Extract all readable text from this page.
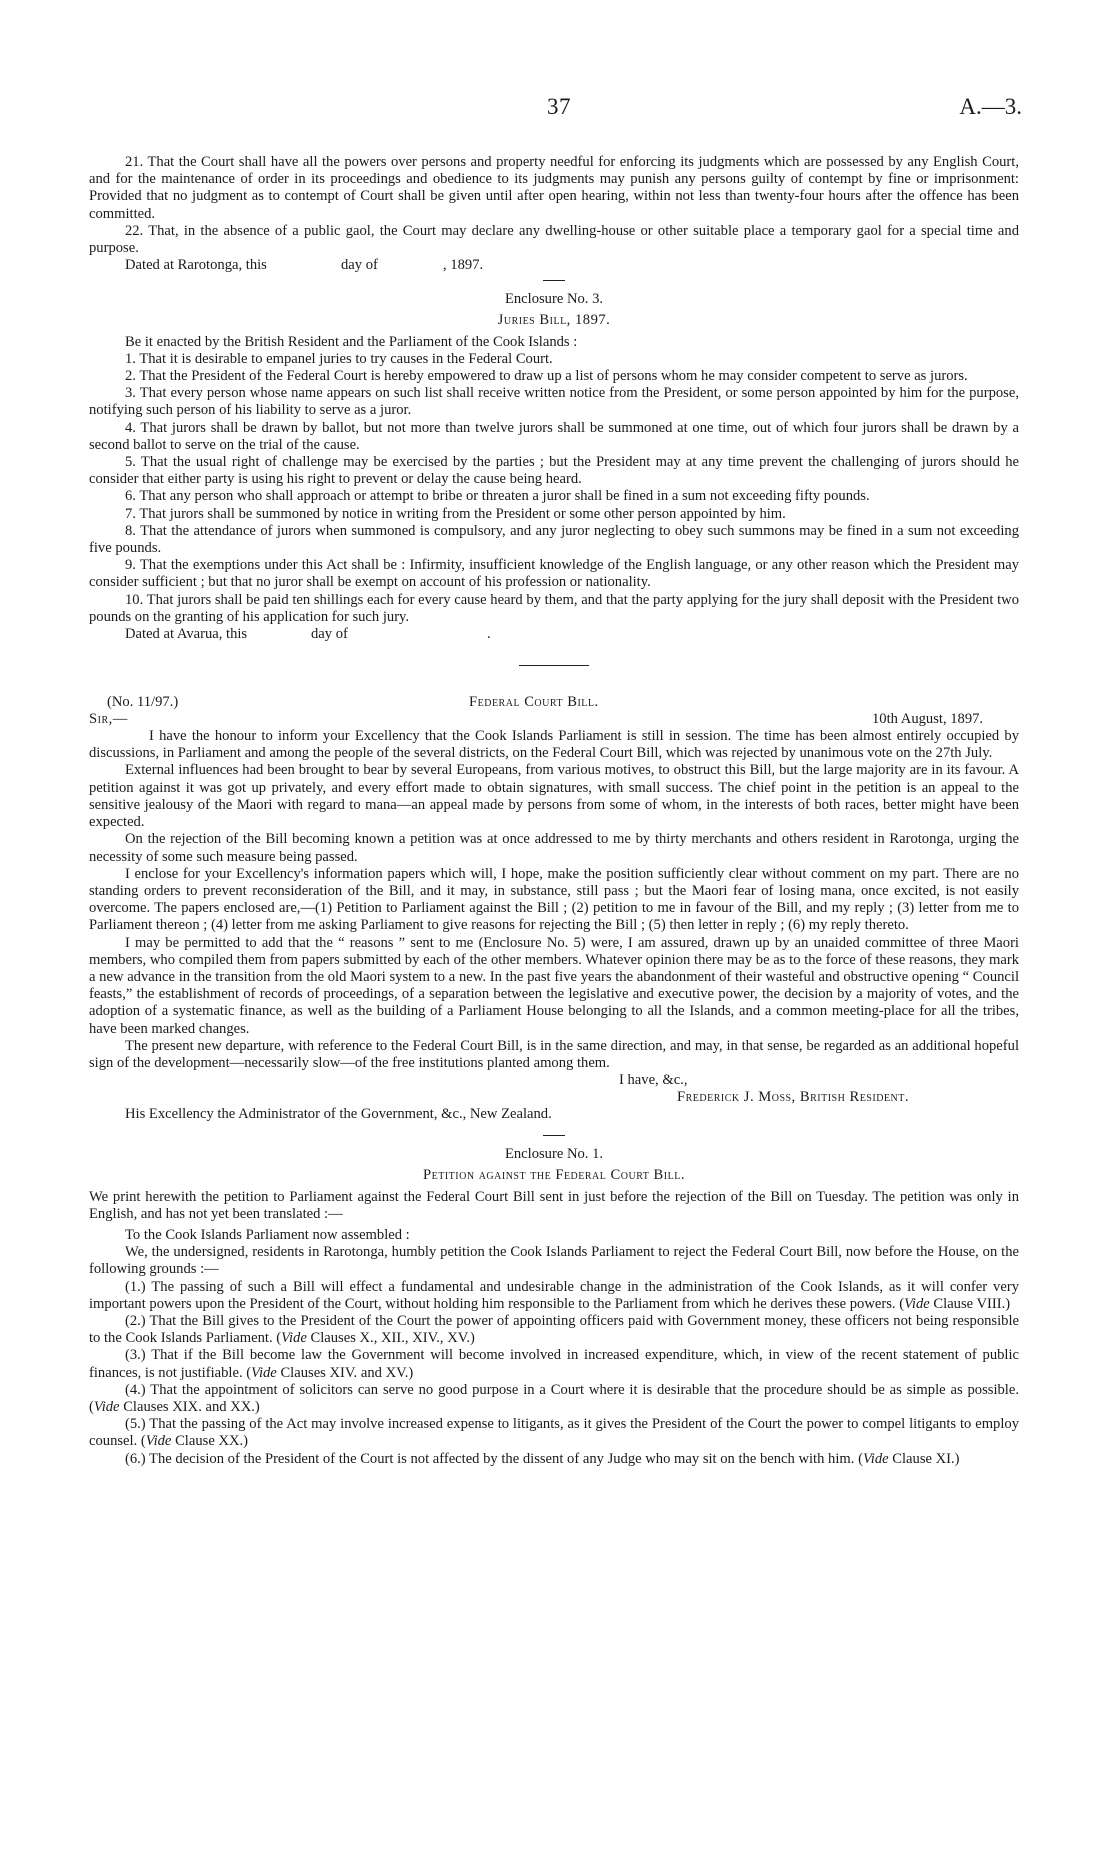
37	A.—3.

21. That the Court shall have all the powers over persons and property needful for enforcing its judgments which are possessed by any English Court, and for the maintenance of order in its proceedings and obedience to its judgments may punish any persons guilty of contempt by fine or imprisonment: Provided that no judgment as to contempt of Court shall be given until after open hearing, within not less than twenty-four hours after the offence has been committed.

22. That, in the absence of a public gaol, the Court may declare any dwelling-house or other suitable place a temporary gaol for a special time and purpose.

Dated at Rarotonga, this	day of	, 1897.

Enclosure No. 3.

Juries Bill, 1897.

Be it enacted by the British Resident and the Parliament of the Cook Islands :

1. That it is desirable to empanel juries to try causes in the Federal Court.

2. That the President of the Federal Court is hereby empowered to draw up a list of persons whom he may consider competent to serve as jurors.

3. That every person whose name appears on such list shall receive written notice from the President, or some person appointed by him for the purpose, notifying such person of his liability to serve as a juror.

4. That jurors shall be drawn by ballot, but not more than twelve jurors shall be summoned at one time, out of which four jurors shall be drawn by a second ballot to serve on the trial of the cause.

5. That the usual right of challenge may be exercised by the parties ; but the President may at any time prevent the challenging of jurors should he consider that either party is using his right to prevent or delay the cause being heard.

6. That any person who shall approach or attempt to bribe or threaten a juror shall be fined in a sum not exceeding fifty pounds.

7. That jurors shall be summoned by notice in writing from the President or some other person appointed by him.

8. That the attendance of jurors when summoned is compulsory, and any juror neglecting to obey such summons may be fined in a sum not exceeding five pounds.

9. That the exemptions under this Act shall be : Infirmity, insufficient knowledge of the English language, or any other reason which the President may consider sufficient ; but that no juror shall be exempt on account of his profession or nationality.

10. That jurors shall be paid ten shillings each for every cause heard by them, and that the party applying for the jury shall deposit with the President two pounds on the granting of his application for such jury.

Dated at Avarua, this	day of	.
(No. 11/97.)	Federal Court Bill.
Sir,—	10th August, 1897.

I have the honour to inform your Excellency that the Cook Islands Parliament is still in session. The time has been almost entirely occupied by discussions, in Parliament and among the people of the several districts, on the Federal Court Bill, which was rejected by unanimous vote on the 27th July.

External influences had been brought to bear by several Europeans, from various motives, to obstruct this Bill, but the large majority are in its favour. A petition against it was got up privately, and every effort made to obtain signatures, with small success. The chief point in the petition is an appeal to the sensitive jealousy of the Maori with regard to mana—an appeal made by persons from some of whom, in the interests of both races, better might have been expected.

On the rejection of the Bill becoming known a petition was at once addressed to me by thirty merchants and others resident in Rarotonga, urging the necessity of some such measure being passed.

I enclose for your Excellency's information papers which will, I hope, make the position sufficiently clear without comment on my part. There are no standing orders to prevent reconsideration of the Bill, and it may, in substance, still pass ; but the Maori fear of losing mana, once excited, is not easily overcome. The papers enclosed are,—(1) Petition to Parliament against the Bill ; (2) petition to me in favour of the Bill, and my reply ; (3) letter from me to Parliament thereon ; (4) letter from me asking Parliament to give reasons for rejecting the Bill ; (5) then letter in reply ; (6) my reply thereto.

I may be permitted to add that the “ reasons ” sent to me (Enclosure No. 5) were, I am assured, drawn up by an unaided committee of three Maori members, who compiled them from papers submitted by each of the other members. Whatever opinion there may be as to the force of these reasons, they mark a new advance in the transition from the old Maori system to a new. In the past five years the abandonment of their wasteful and obstructive opening “ Council feasts,” the establishment of records of proceedings, of a separation between the legislative and executive power, the decision by a majority of votes, and the adoption of a systematic finance, as well as the building of a Parliament House belonging to all the Islands, and a common meeting-place for all the tribes, have been marked changes.

The present new departure, with reference to the Federal Court Bill, is in the same direction, and may, in that sense, be regarded as an additional hopeful sign of the development—necessarily slow—of the free institutions planted among them.

I have, &c.,
Frederick J. Moss, British Resident.
His Excellency the Administrator of the Government, &c., New Zealand.

Enclosure No. 1.

Petition against the Federal Court Bill.

We print herewith the petition to Parliament against the Federal Court Bill sent in just before the rejection of the Bill on Tuesday. The petition was only in English, and has not yet been translated :—

To the Cook Islands Parliament now assembled :

We, the undersigned, residents in Rarotonga, humbly petition the Cook Islands Parliament to reject the Federal Court Bill, now before the House, on the following grounds :—

(1.) The passing of such a Bill will effect a fundamental and undesirable change in the administration of the Cook Islands, as it will confer very important powers upon the President of the Court, without holding him responsible to the Parliament from which he derives these powers. (Vide Clause VIII.)

(2.) That the Bill gives to the President of the Court the power of appointing officers paid with Government money, these officers not being responsible to the Cook Islands Parliament. (Vide Clauses X., XII., XIV., XV.)

(3.) That if the Bill become law the Government will become involved in increased expenditure, which, in view of the recent statement of public finances, is not justifiable. (Vide Clauses XIV. and XV.)

(4.) That the appointment of solicitors can serve no good purpose in a Court where it is desirable that the procedure should be as simple as possible. (Vide Clauses XIX. and XX.)

(5.) That the passing of the Act may involve increased expense to litigants, as it gives the President of the Court the power to compel litigants to employ counsel. (Vide Clause XX.)

(6.) The decision of the President of the Court is not affected by the dissent of any Judge who may sit on the bench with him. (Vide Clause XI.)
